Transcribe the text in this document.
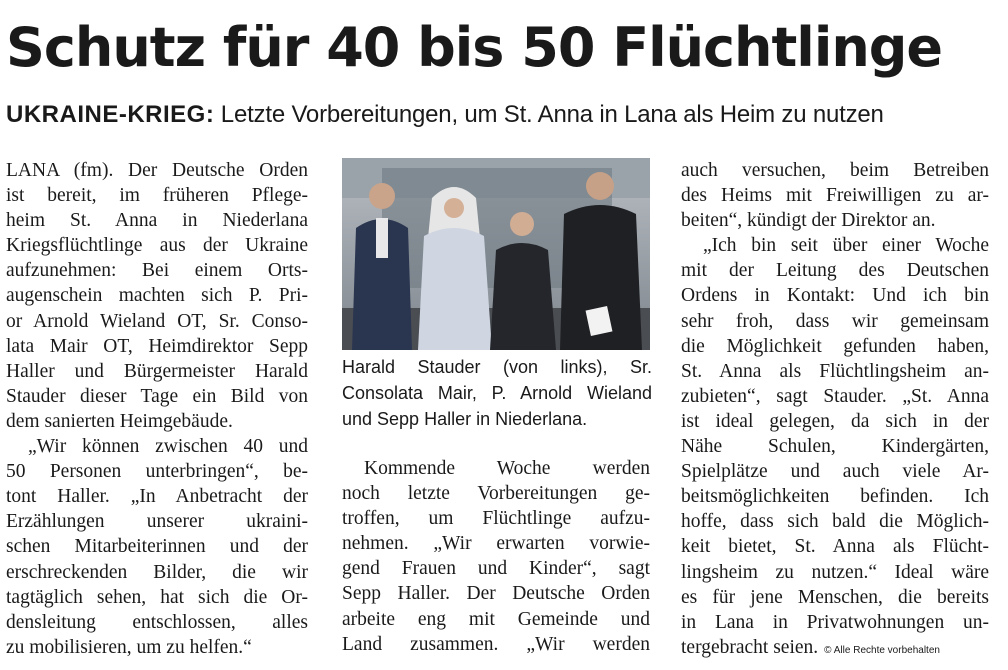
Schutz für 40 bis 50 Flüchtlinge

UKRAINE-KRIEG: Letzte Vorbereitungen, um St. Anna in Lana als Heim zu nutzen

LANA (fm). Der Deutsche Orden
ist bereit, im früheren Pflege-
heim St. Anna in Niederlana
Kriegsflüchtlinge aus der Ukraine
aufzunehmen: Bei einem Orts-
augenschein machten sich P. Pri-
or Arnold Wieland OT, Sr. Conso-
lata Mair OT, Heimdirektor Sepp
Haller und Bürgermeister Harald
Stauder dieser Tage ein Bild von
dem sanierten Heimgebäude.
„Wir können zwischen 40 und
50 Personen unterbringen“, be-
tont Haller. „In Anbetracht der
Erzählungen unserer ukraini-
schen Mitarbeiterinnen und der
erschreckenden Bilder, die wir
tagtäglich sehen, hat sich die Or-
densleitung entschlossen, alles
zu mobilisieren, um zu helfen.“
Harald Stauder (von links), Sr.
Consolata Mair, P. Arnold Wieland
und Sepp Haller in Niederlana.
Kommende Woche werden
noch letzte Vorbereitungen ge-
troffen, um Flüchtlinge aufzu-
nehmen. „Wir erwarten vorwie-
gend Frauen und Kinder“, sagt
Sepp Haller. Der Deutsche Orden
arbeite eng mit Gemeinde und
Land zusammen. „Wir werden
auch versuchen, beim Betreiben
des Heims mit Freiwilligen zu ar-
beiten“, kündigt der Direktor an.
„Ich bin seit über einer Woche
mit der Leitung des Deutschen
Ordens in Kontakt: Und ich bin
sehr froh, dass wir gemeinsam
die Möglichkeit gefunden haben,
St. Anna als Flüchtlingsheim an-
zubieten“, sagt Stauder. „St. Anna
ist ideal gelegen, da sich in der
Nähe Schulen, Kindergärten,
Spielplätze und auch viele Ar-
beitsmöglichkeiten befinden. Ich
hoffe, dass sich bald die Möglich-
keit bietet, St. Anna als Flücht-
lingsheim zu nutzen.“ Ideal wäre
es für jene Menschen, die bereits
in Lana in Privatwohnungen un-
tergebracht seien. © Alle Rechte vorbehalten
